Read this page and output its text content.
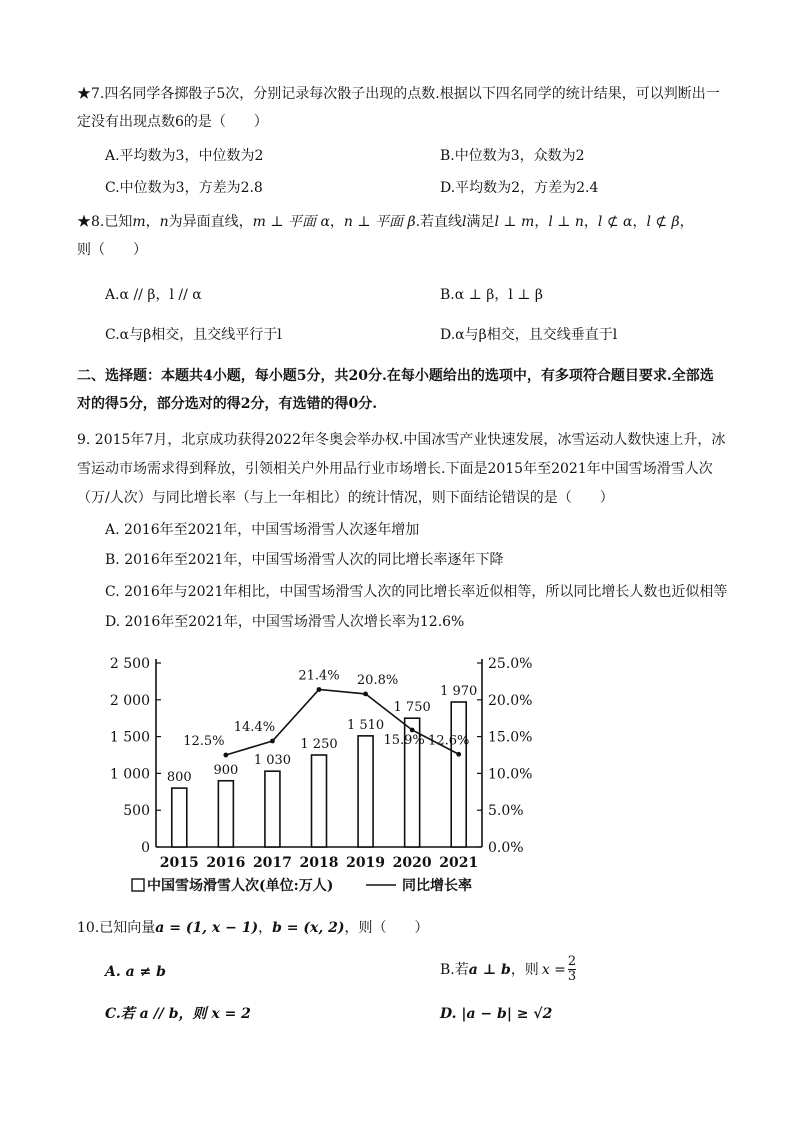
★7.四名同学各掷骰子5次，分别记录每次骰子出现的点数.根据以下四名同学的统计结果，可以判断出一
定没有出现点数6的是（　　）
A.平均数为3，中位数为2	B.中位数为3，众数为2
C.中位数为3，方差为2.8	D.平均数为2，方差为2.4
★8.已知m，n为异面直线，m ⊥ 平面 α，n ⊥ 平面 β.若直线l满足l ⊥ m，l ⊥ n，l ⊄ α，l ⊄ β，
则（　　）
A.α // β，l // α	B.α ⊥ β，l ⊥ β
C.α与β相交，且交线平行于l	D.α与β相交，且交线垂直于l
二、选择题：本题共4小题，每小题5分，共20分.在每小题给出的选项中，有多项符合题目要求.全部选
对的得5分，部分选对的得2分，有选错的得0分.
9. 2015年7月，北京成功获得2022年冬奥会举办权.中国冰雪产业快速发展，冰雪运动人数快速上升，冰
雪运动市场需求得到释放，引领相关户外用品行业市场增长.下面是2015年至2021年中国雪场滑雪人次
（万/人次）与同比增长率（与上一年相比）的统计情况，则下面结论错误的是（　　）
A. 2016年至2021年，中国雪场滑雪人次逐年增加
B. 2016年至2021年，中国雪场滑雪人次的同比增长率逐年下降
C. 2016年与2021年相比，中国雪场滑雪人次的同比增长率近似相等，所以同比增长人数也近似相等
D. 2016年至2021年，中国雪场滑雪人次增长率为12.6%
0
500
1 000
1 500
2 000
2 500
0.0%
5.0%
10.0%
15.0%
20.0%
25.0%
800 900
1 030
1 250
1 510
1 750
1 970
12.5%
14.4%
21.4% 20.8%
15.9% 12.6%
2015 2016 2017 2018 2019 2020 2021
中国雪场滑雪人次(单位:万人)	同比增长率
10.已知向量a = (1, x − 1)，b = (x, 2)，则（　　）
A. a ≠ b	B.若 a ⊥ b ，则 $x = \frac{2}{3}$
C.若 a // b，则 x = 2	D. |a − b| ≥ √2
